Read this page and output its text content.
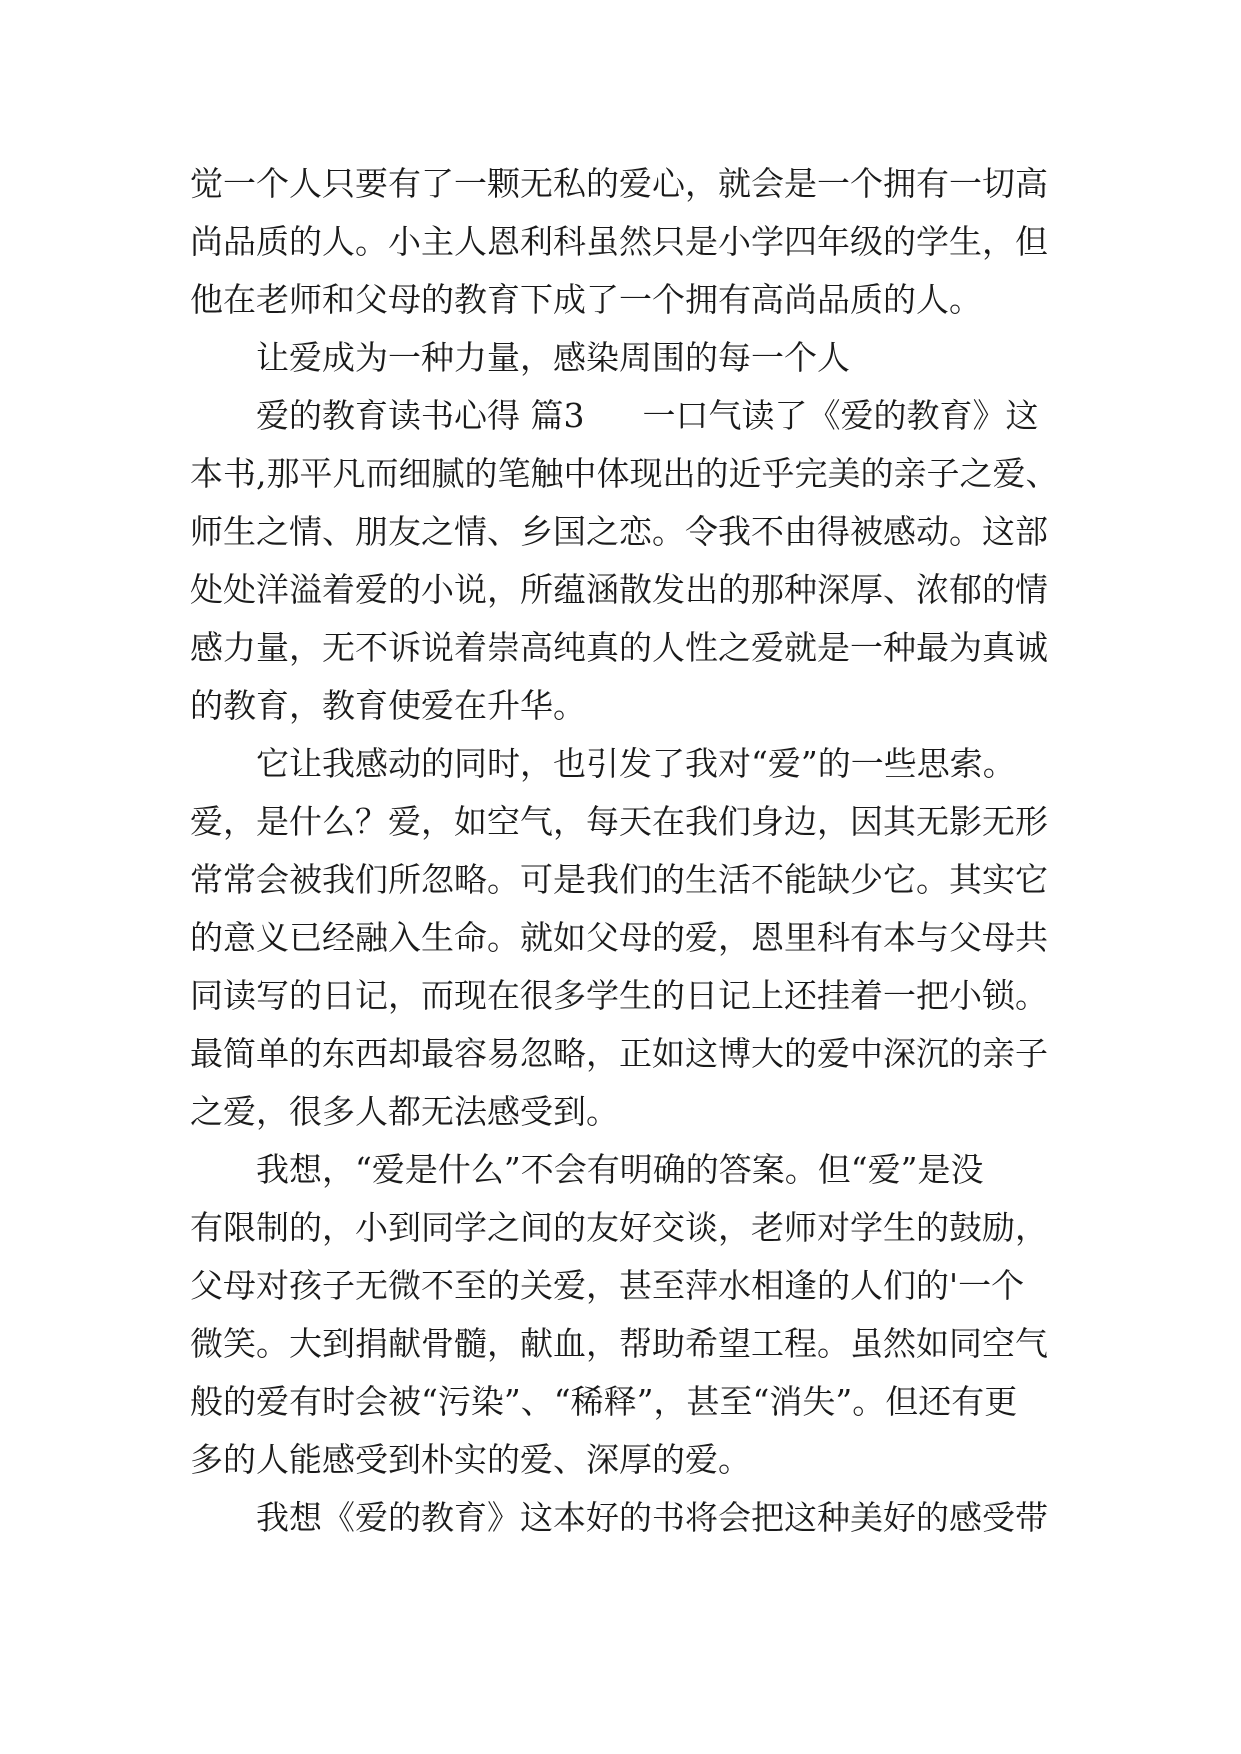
觉一个人只要有了一颗无私的爱心，就会是一个拥有一切高
尚品质的人。小主人恩利科虽然只是小学四年级的学生，但
他在老师和父母的教育下成了一个拥有高尚品质的人。
让爱成为一种力量，感染周围的每一个人
爱的教育读书心得 篇3 一口气读了《爱的教育》这
本书,那平凡而细腻的笔触中体现出的近乎完美的亲子之爱、
师生之情、朋友之情、乡国之恋。令我不由得被感动。这部
处处洋溢着爱的小说，所蕴涵散发出的那种深厚、浓郁的情
感力量，无不诉说着崇高纯真的人性之爱就是一种最为真诚
的教育，教育使爱在升华。
它让我感动的同时，也引发了我对“爱”的一些思索。
爱，是什么？爱，如空气，每天在我们身边，因其无影无形
常常会被我们所忽略。可是我们的生活不能缺少它。其实它
的意义已经融入生命。就如父母的爱，恩里科有本与父母共
同读写的日记，而现在很多学生的日记上还挂着一把小锁。
最简单的东西却最容易忽略，正如这博大的爱中深沉的亲子
之爱，很多人都无法感受到。
我想，“爱是什么”不会有明确的答案。但“爱”是没
有限制的，小到同学之间的友好交谈，老师对学生的鼓励，
父母对孩子无微不至的关爱，甚至萍水相逢的人们的'一个
微笑。大到捐献骨髓，献血，帮助希望工程。虽然如同空气
般的爱有时会被“污染”、“稀释”，甚至“消失”。但还有更
多的人能感受到朴实的爱、深厚的爱。
我想《爱的教育》这本好的书将会把这种美好的感受带
